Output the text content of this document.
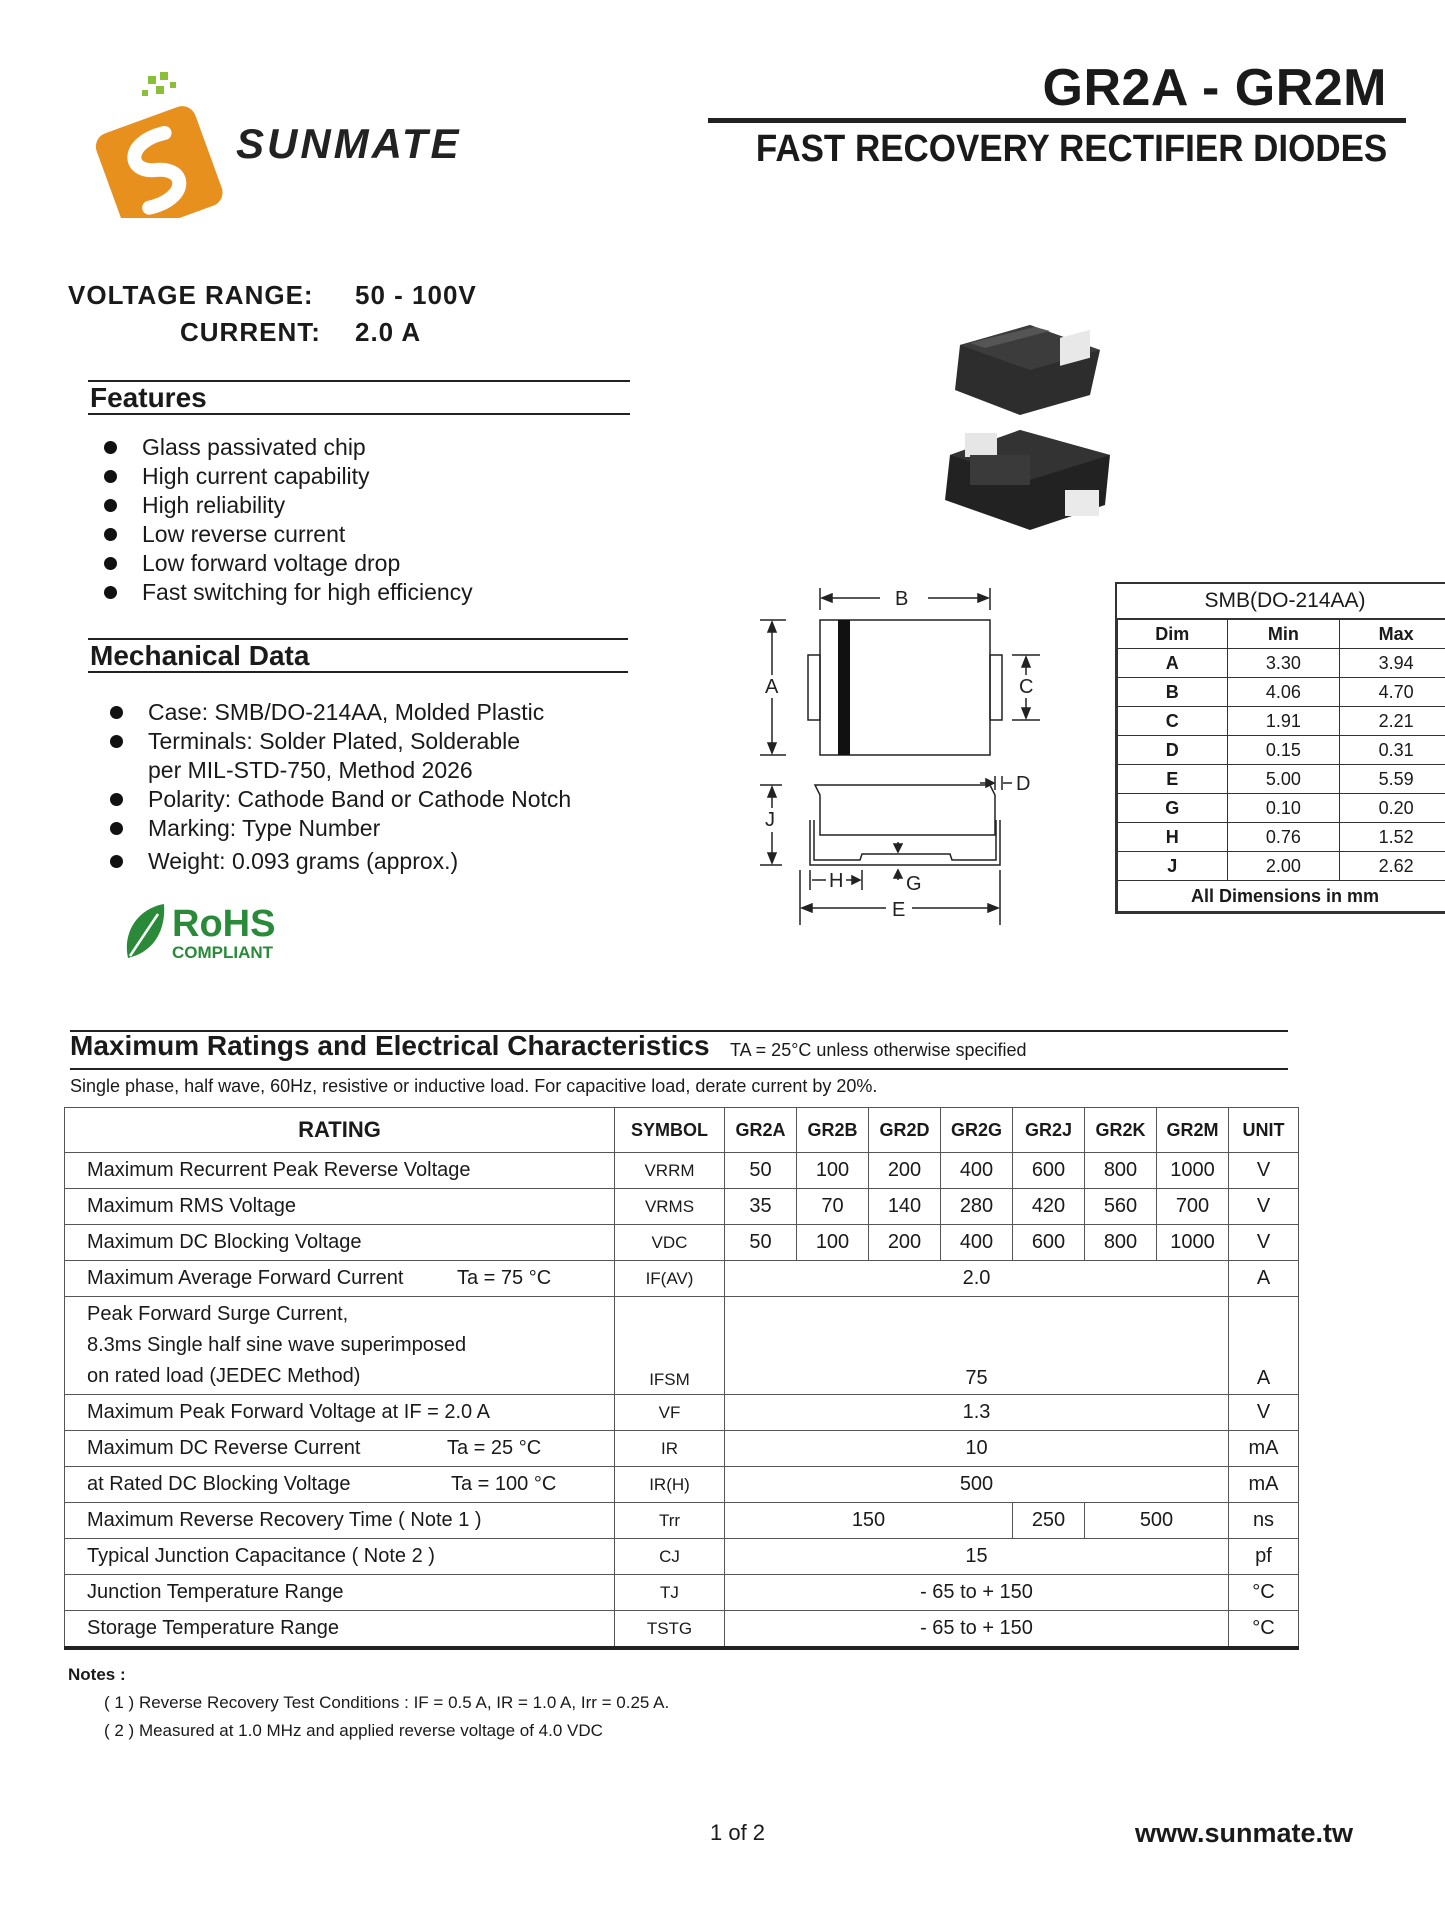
SUNMATE
GR2A - GR2M
FAST RECOVERY RECTIFIER DIODES
VOLTAGE RANGE: 50 - 100V
CURRENT: 2.0 A
Features
Glass passivated chip
High current capability
High reliability
Low reverse current
Low forward voltage drop
Fast switching for high efficiency
Mechanical Data
Case: SMB/DO-214AA, Molded Plastic
Terminals: Solder Plated, Solderable
per MIL-STD-750, Method 2026
Polarity: Cathode Band or Cathode Notch
Marking: Type Number
Weight: 0.093 grams (approx.)
RoHS
COMPLIANT
B
A	C
D
J
G
H
E
SMB(DO-214AA)
Dim	Min	Max
A	3.30	3.94
B	4.06	4.70
C	1.91	2.21
D	0.15	0.31
E	5.00	5.59
G	0.10	0.20
H	0.76	1.52
J	2.00	2.62
All Dimensions in mm		
Maximum Ratings and Electrical Characteristics TA = 25°C unless otherwise specified
Single phase, half wave, 60Hz, resistive or inductive load. For capacitive load, derate current by 20%.
RATING	SYMBOL	GR2A	GR2B	GR2D	GR2G	GR2J	GR2K	GR2M	UNIT
Maximum Recurrent Peak Reverse Voltage	VRRM	50	100	200	400	600	800	1000	V
Maximum RMS Voltage	VRMS	35	70	140	280	420	560	700	V
Maximum DC Blocking Voltage	VDC	50	100	200	400	600	800	1000	V
Maximum Average Forward Current Ta = 75 °C	IF(AV)	2.0							A

Peak Forward Surge Current,
8.3ms Single half sine wave superimposed
on rated load (JEDEC Method)	IFSM	75							A
Maximum Peak Forward Voltage at IF = 2.0 A	VF	1.3							V
Maximum DC Reverse Current Ta = 25 °C	IR	10							mA
at Rated DC Blocking Voltage Ta = 100 °C	IR(H)	500							mA
Maximum Reverse Recovery Time ( Note 1 )	Trr	150				250	500		ns
Typical Junction Capacitance ( Note 2 )	CJ	15							pf
Junction Temperature Range	TJ	- 65 to + 150							°C
Storage Temperature Range	TSTG	- 65 to + 150							°C
Notes :
( 1 ) Reverse Recovery Test Conditions : IF = 0.5 A, IR = 1.0 A, Irr = 0.25 A.
( 2 ) Measured at 1.0 MHz and applied reverse voltage of 4.0 VDC
1 of 2	www.sunmate.tw
